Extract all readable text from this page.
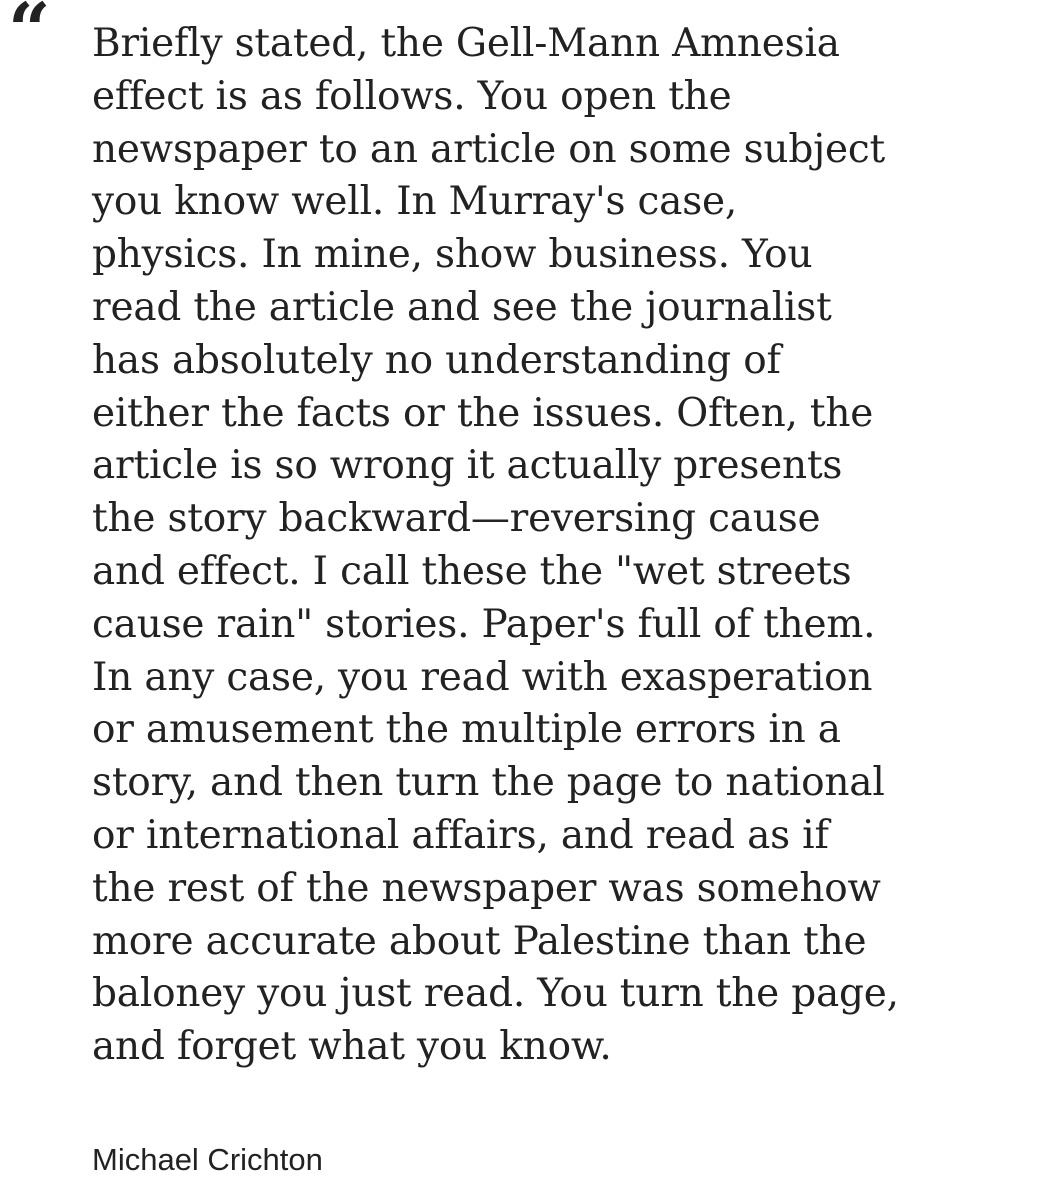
“ Briefly stated, the Gell-Mann Amnesia
effect is as follows. You open the
newspaper to an article on some subject
you know well. In Murray's case,
physics. In mine, show business. You
read the article and see the journalist
has absolutely no understanding of
either the facts or the issues. Often, the
article is so wrong it actually presents
the story backward—reversing cause
and effect. I call these the "wet streets
cause rain" stories. Paper's full of them.
In any case, you read with exasperation
or amusement the multiple errors in a
story, and then turn the page to national
or international affairs, and read as if
the rest of the newspaper was somehow
more accurate about Palestine than the
baloney you just read. You turn the page,
and forget what you know.
Michael Crichton
